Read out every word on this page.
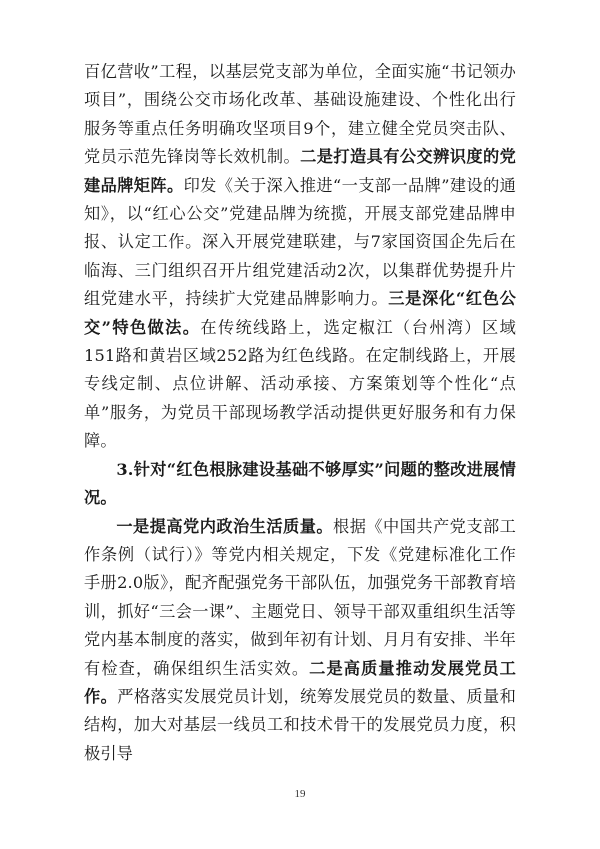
百亿营收”工程，以基层党支部为单位，全面实施“书记领办项目”，围绕公交市场化改革、基础设施建设、个性化出行服务等重点任务明确攻坚项目9个，建立健全党员突击队、党员示范先锋岗等长效机制。二是打造具有公交辨识度的党建品牌矩阵。印发《关于深入推进“一支部一品牌”建设的通知》，以“红心公交”党建品牌为统揽，开展支部党建品牌申报、认定工作。深入开展党建联建，与7家国资国企先后在临海、三门组织召开片组党建活动2次，以集群优势提升片组党建水平，持续扩大党建品牌影响力。三是深化“红色公交”特色做法。在传统线路上，选定椒江（台州湾）区域151路和黄岩区域252路为红色线路。在定制线路上，开展专线定制、点位讲解、活动承接、方案策划等个性化“点单”服务，为党员干部现场教学活动提供更好服务和有力保障。

3.针对“红色根脉建设基础不够厚实”问题的整改进展情况。

一是提高党内政治生活质量。根据《中国共产党支部工作条例（试行）》等党内相关规定，下发《党建标准化工作手册2.0版》，配齐配强党务干部队伍，加强党务干部教育培训，抓好“三会一课”、主题党日、领导干部双重组织生活等党内基本制度的落实，做到年初有计划、月月有安排、半年有检查，确保组织生活实效。二是高质量推动发展党员工作。严格落实发展党员计划，统筹发展党员的数量、质量和结构，加大对基层一线员工和技术骨干的发展党员力度，积极引导

19
